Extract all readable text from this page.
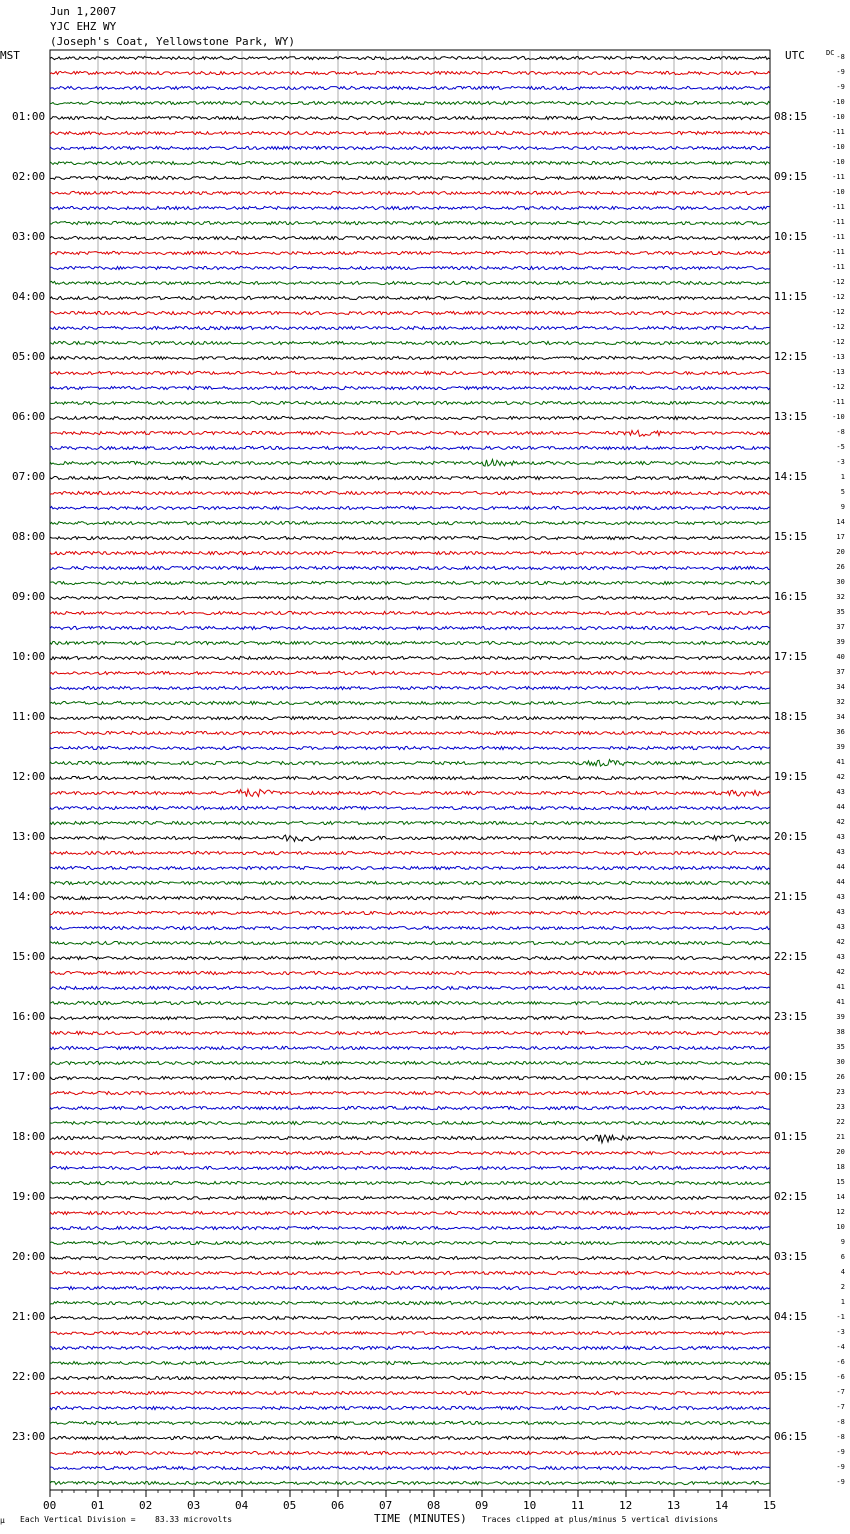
Jun 1,2007
YJC EHZ WY
(Joseph's Coat, Yellowstone Park, WY)
MST	UTC	DC
01:00
02:00
03:00
04:00
05:00
06:00
07:00
08:00
09:00
10:00
11:00
12:00
13:00
14:00
15:00
16:00
17:00
18:00
19:00
20:00
21:00
22:00
23:00
08:15
09:15
10:15
11:15
12:15
13:15
14:15
15:15
16:15
17:15
18:15
19:15
20:15
21:15
22:15
23:15
00:15
01:15
02:15
03:15
04:15
05:15
06:15
-8
-9
-9
-10
-10
-11
-10
-10
-11
-10
-11
-11
-11
-11
-11
-12
-12
-12
-12
-12
-13
-13
-12
-11
-10
-8
-5
-3
1
5
9
14
17
20
26
30
32
35
37
39
40
37
34
32
34
36
39
41
42
43
44
42
43
43
44
44
43
43
43
42
43
42
41
41
39
38
35
30
26
23
23
22
21
20
18
15
14
12
10
9
6
4
2
1
-1
-3
-4
-6
-6
-7
-7
-8
-8
-9
-9
-9
00	01	02	03	04	05	06	07	08	09	10	11	12	13	14	15
μ Each Vertical Division = 83.33 microvolts	TIME (MINUTES) Traces clipped at plus/minus 5 vertical divisions
